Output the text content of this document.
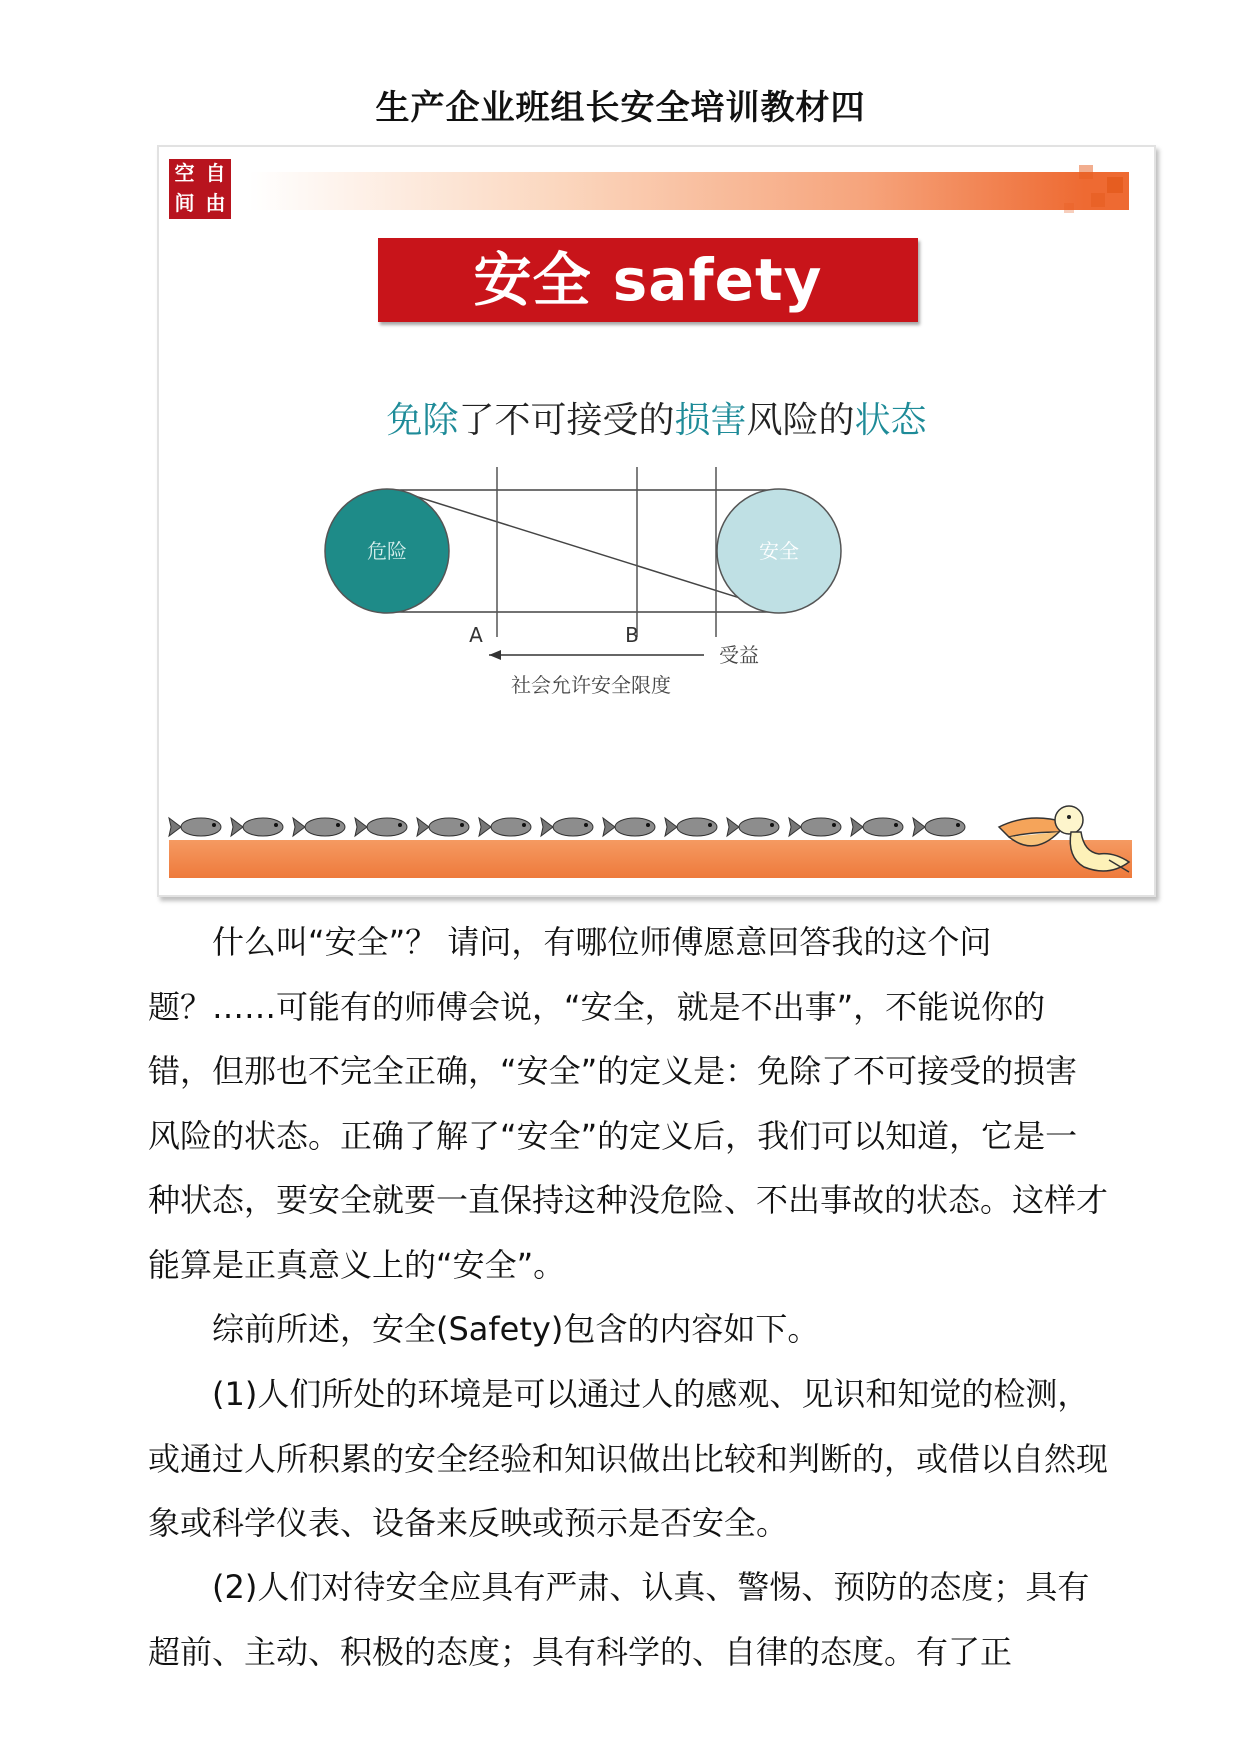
生产企业班组长安全培训教材四
空 自
间 由
安全 safety
免除了不可接受的损害风险的状态
危险	安全
A	B
受益
社会允许安全限度
什么叫“安全”？ 请问，有哪位师傅愿意回答我的这个问题？……可能有的师傅会说，“安全，就是不出事”，不能说你的错，但那也不完全正确，“安全”的定义是：免除了不可接受的损害风险的状态。正确了解了“安全”的定义后，我们可以知道，它是一种状态，要安全就要一直保持这种没危险、不出事故的状态。这样才能算是正真意义上的“安全”。
综前所述，安全(Safety)包含的内容如下。
(1)人们所处的环境是可以通过人的感观、见识和知觉的检测，或通过人所积累的安全经验和知识做出比较和判断的，或借以自然现象或科学仪表、设备来反映或预示是否安全。
(2)人们对待安全应具有严肃、认真、警惕、预防的态度；具有超前、主动、积极的态度；具有科学的、自律的态度。有了正
